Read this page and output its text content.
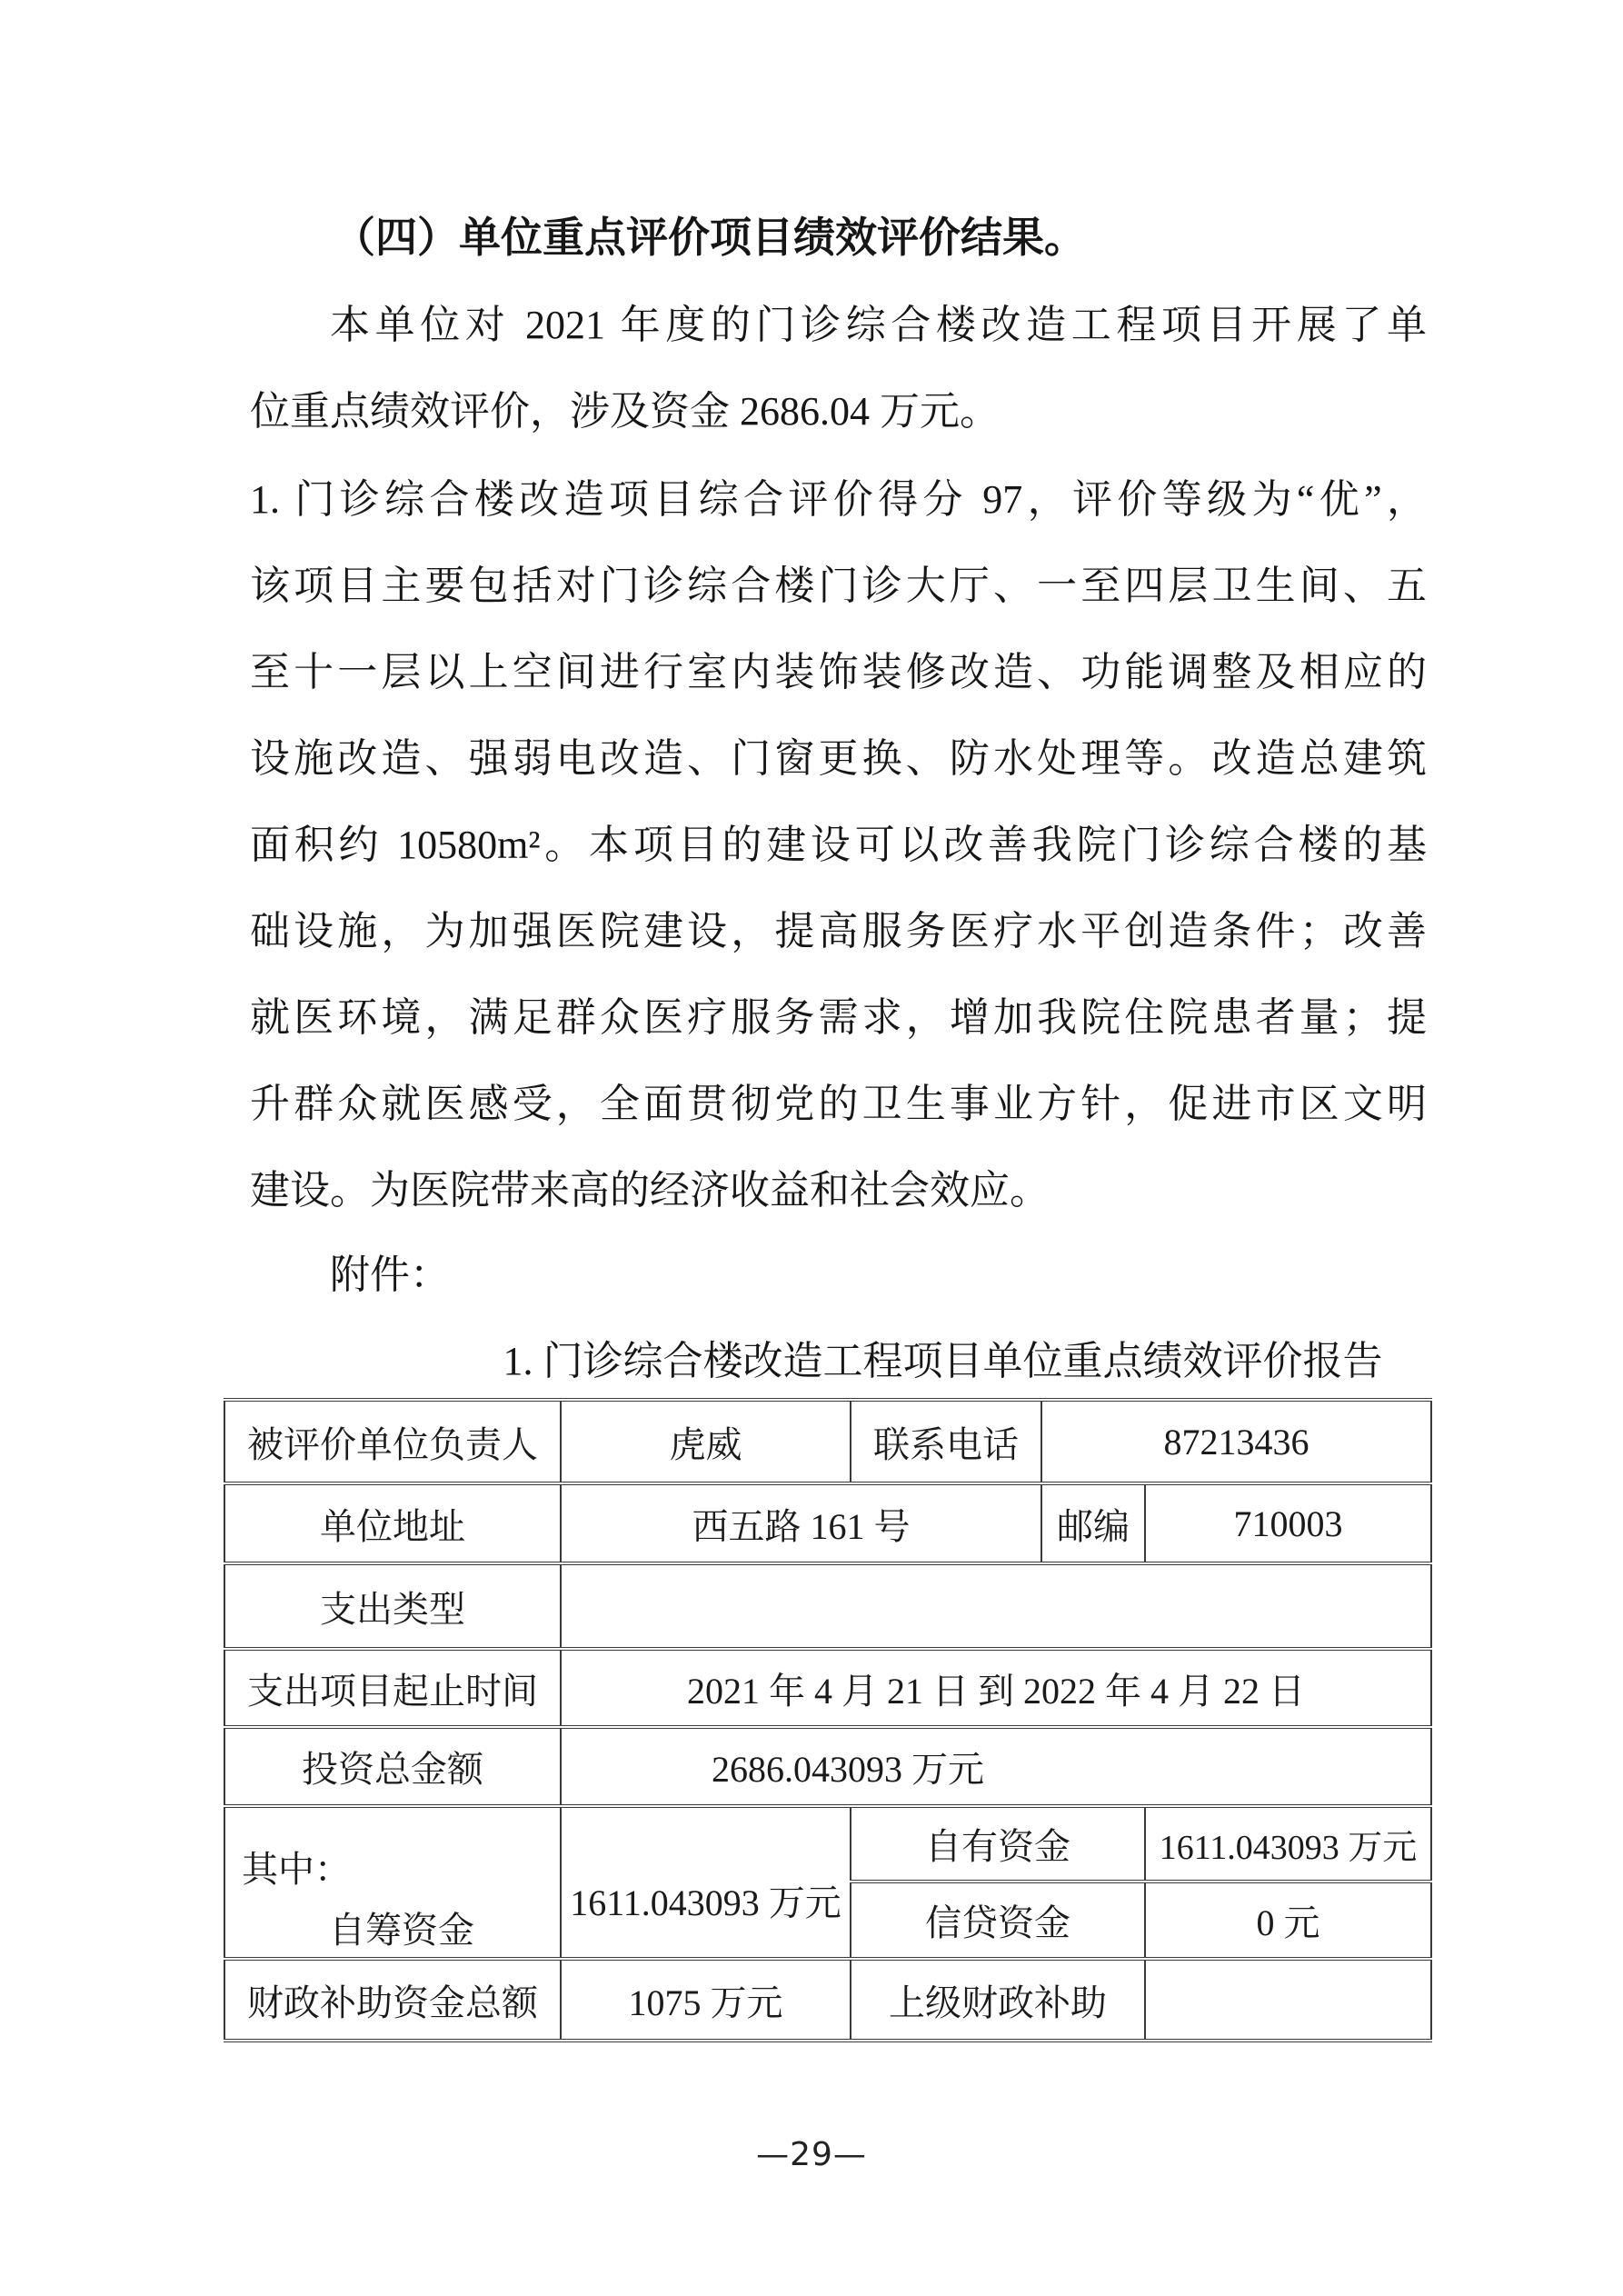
（四）单位重点评价项目绩效评价结果。
本单位对 2021 年度的门诊综合楼改造工程项目开展了单
位重点绩效评价，涉及资金 2686.04 万元。
1. 门诊综合楼改造项目综合评价得分 97，评价等级为“优”，
该项目主要包括对门诊综合楼门诊大厅、一至四层卫生间、五
至十一层以上空间进行室内装饰装修改造、功能调整及相应的
设施改造、强弱电改造、门窗更换、防水处理等。改造总建筑
面积约 10580m²。本项目的建设可以改善我院门诊综合楼的基
础设施，为加强医院建设，提高服务医疗水平创造条件；改善
就医环境，满足群众医疗服务需求，增加我院住院患者量；提
升群众就医感受，全面贯彻党的卫生事业方针，促进市区文明
建设。为医院带来高的经济收益和社会效应。
附件：
1. 门诊综合楼改造工程项目单位重点绩效评价报告
被评价单位负责人	虎威	联系电话	87213436	
单位地址	西五路 161 号		邮编	710003
支出类型				
支出项目起止时间	2021 年 4 月 21 日 到 2022 年 4 月 22 日			
投资总金额	2686.043093 万元			

其中：
自筹资金	1611.043093 万元	自有资金		1611.043093 万元
		信贷资金		0 元
财政补助资金总额	1075 万元	上级财政补助		
—29—
